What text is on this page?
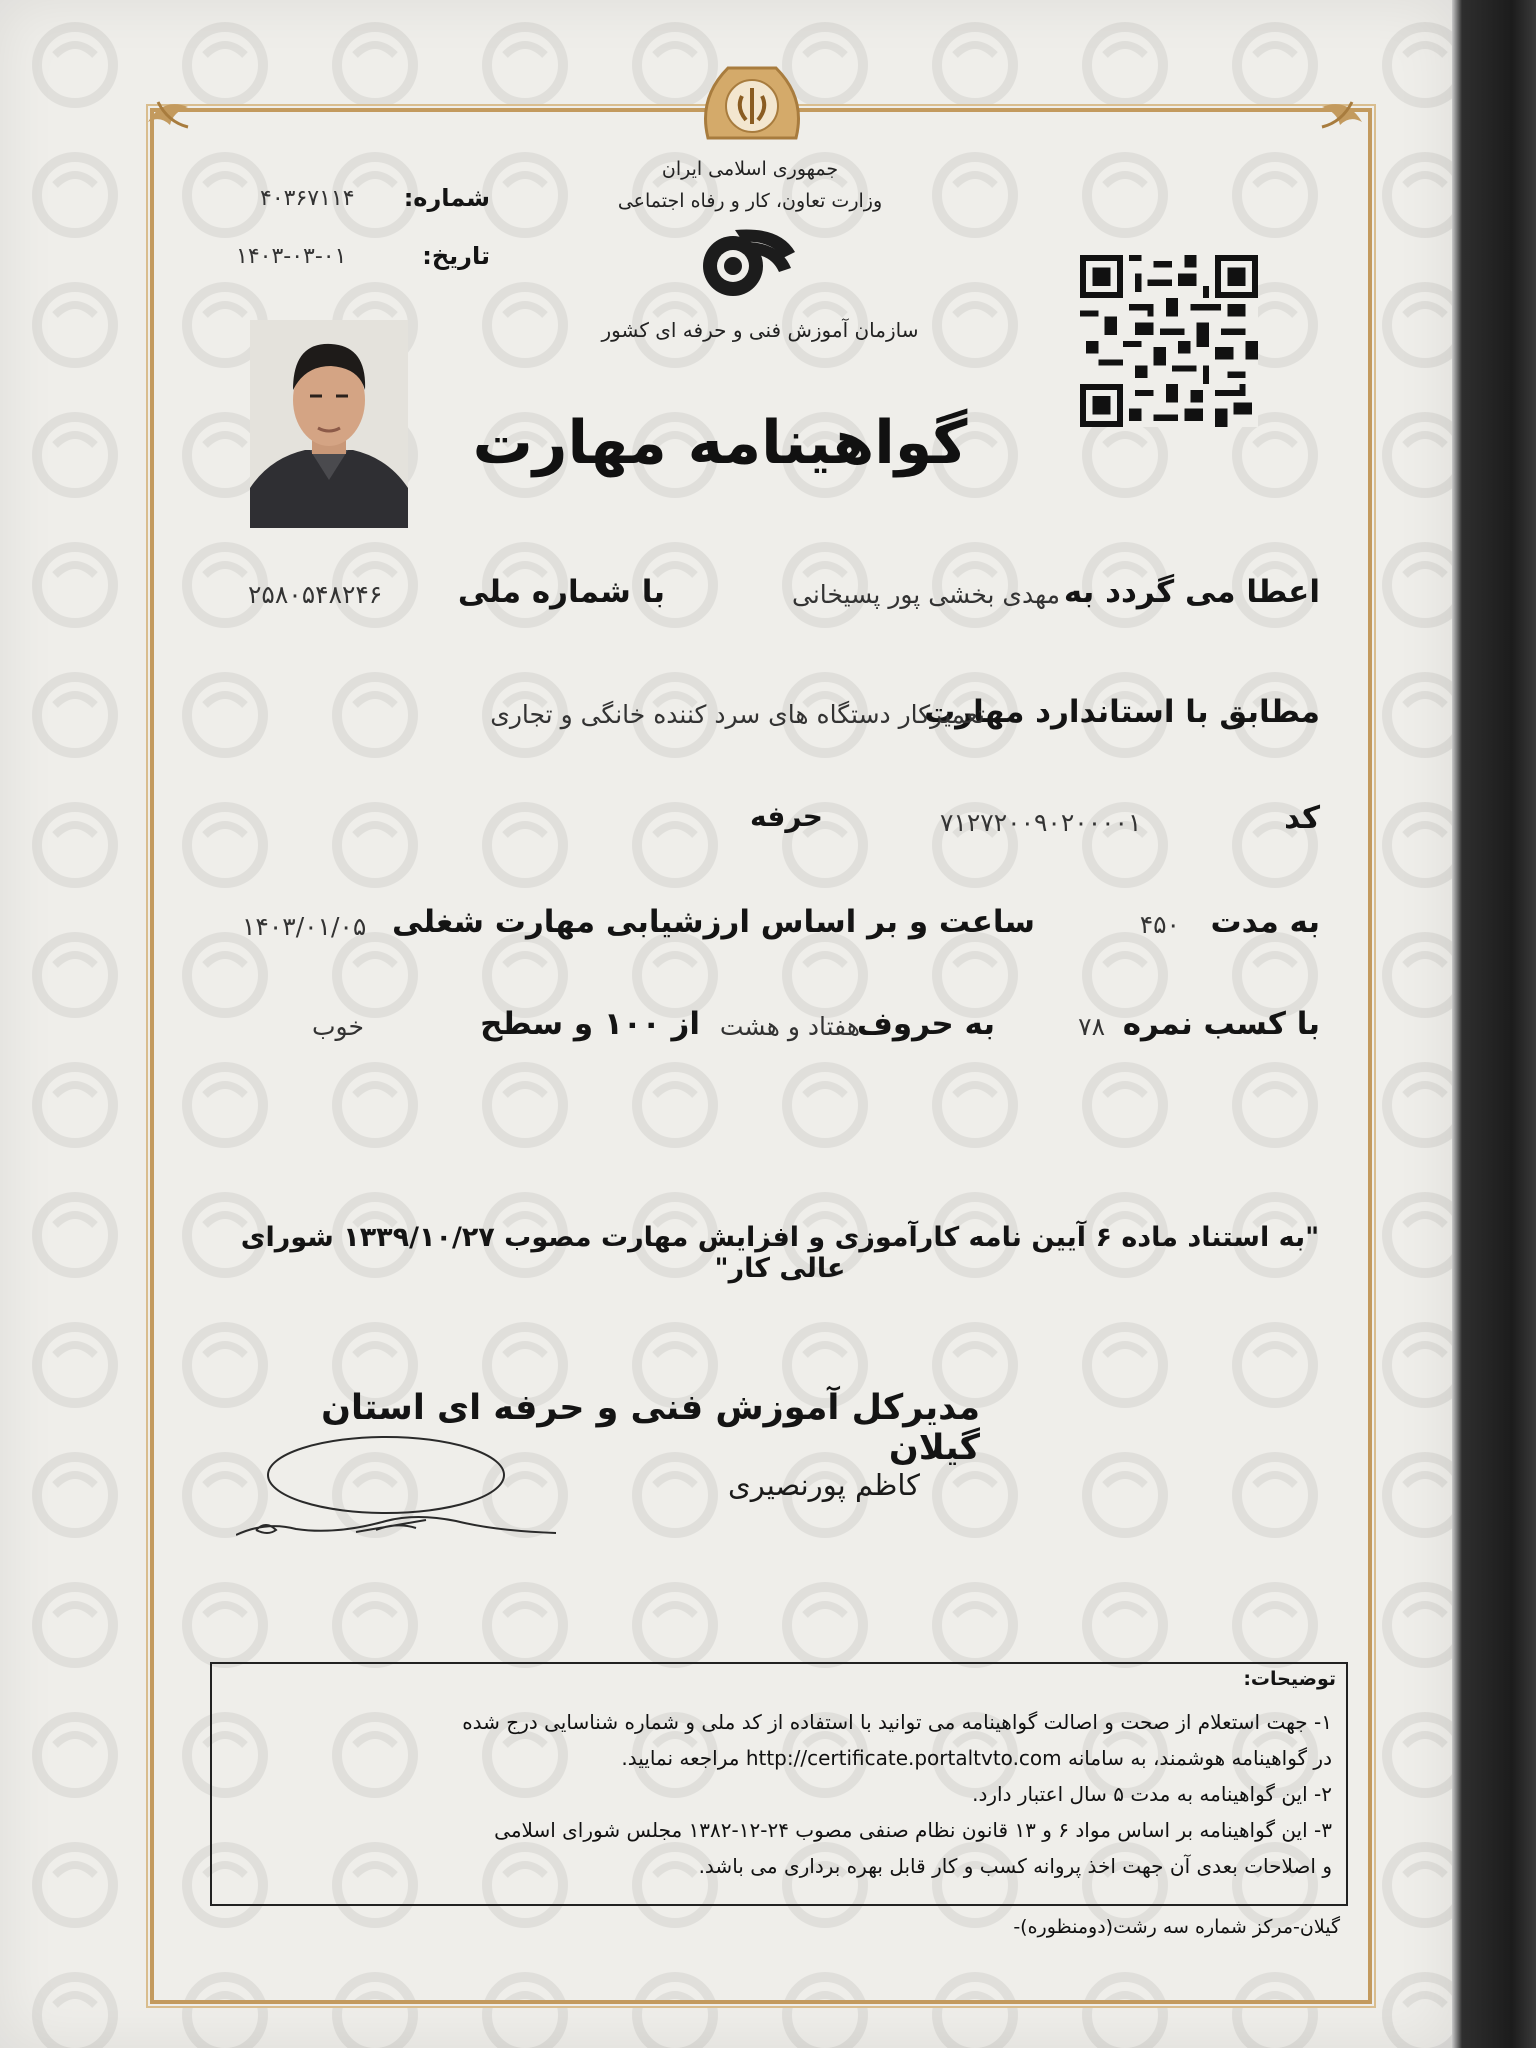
جمهوری اسلامی ایران
وزارت تعاون، کار و رفاه اجتماعی
سازمان آموزش فنی و حرفه ای کشور
شماره:
۴۰۳۶۷۱۱۴
تاریخ:
۱۴۰۳-۰۳-۰۱
گواهینامه مهارت
اعطا می گردد به
مهدی بخشی پور پسیخانی
با شماره ملی
۲۵۸۰۵۴۸۲۴۶
مطابق با استاندارد مهارت
تعمیرکار دستگاه های سرد کننده خانگی و تجاری
کد
۷۱۲۷۲۰۰۹۰۲۰۰۰۰۱
حرفه
به مدت
۴۵۰
ساعت و بر اساس ارزشیابی مهارت شغلی
۱۴۰۳/۰۱/۰۵
با کسب نمره
۷۸
به حروف
هفتاد و هشت
از ۱۰۰ و سطح
خوب
"به استناد ماده ۶ آیین نامه کارآموزی و افزایش مهارت مصوب ۱۳۳۹/۱۰/۲۷ شورای عالی کار"
مدیرکل آموزش فنی و حرفه ای استان گیلان
کاظم پورنصیری
توضیحات:
۱- جهت استعلام از صحت و اصالت گواهینامه می توانید با استفاده از کد ملی و شماره شناسایی درج شده
در گواهینامه هوشمند، به سامانه http://certificate.portaltvto.com مراجعه نمایید.
۲- این گواهینامه به مدت ۵ سال اعتبار دارد.
۳- این گواهینامه بر اساس مواد ۶ و ۱۳ قانون نظام صنفی مصوب ۲۴-۱۲-۱۳۸۲ مجلس شورای اسلامی
و اصلاحات بعدی آن جهت اخذ پروانه کسب و کار قابل بهره برداری می باشد.
گیلان-مرکز شماره سه رشت(دومنظوره)-
